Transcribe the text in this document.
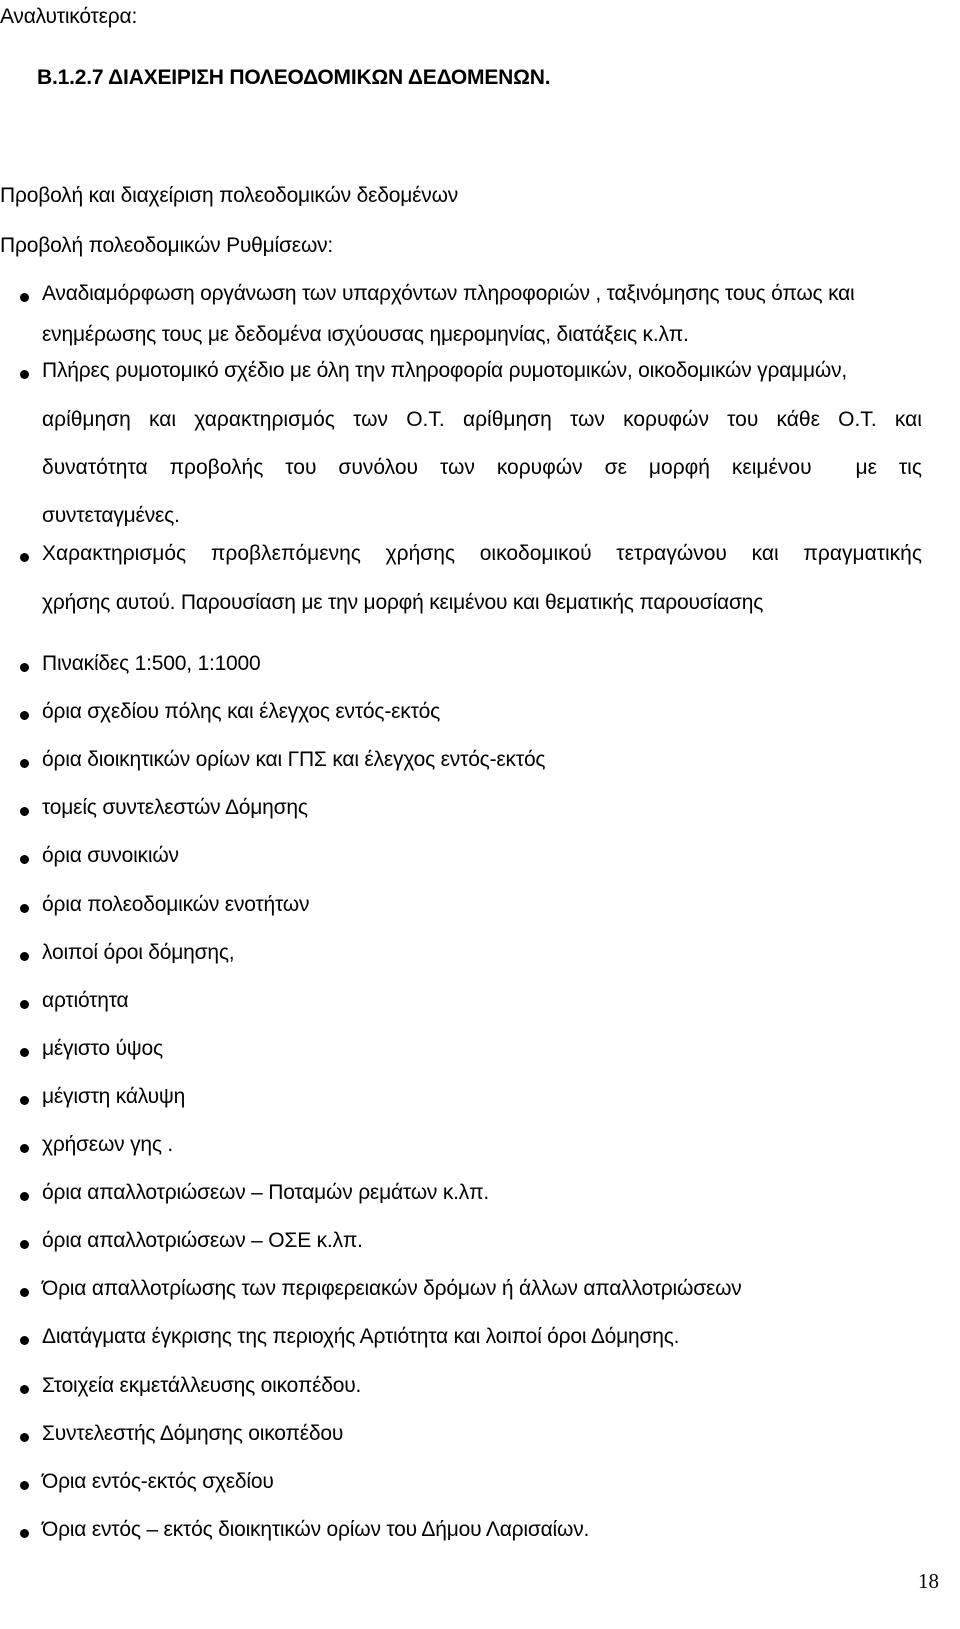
Αναλυτικότερα:
Β.1.2.7 ΔΙΑΧΕΙΡΙΣΗ ΠΟΛΕΟΔΟΜΙΚΩΝ ΔΕΔΟΜΕΝΩΝ.
Προβολή και διαχείριση πολεοδομικών δεδομένων
Προβολή πολεοδομικών Ρυθμίσεων:
Αναδιαμόρφωση οργάνωση των υπαρχόντων πληροφοριών , ταξινόμησης τους όπως και
ενημέρωσης τους με δεδομένα ισχύουσας ημερομηνίας, διατάξεις κ.λπ.
Πλήρες ρυμοτομικό σχέδιο με όλη την πληροφορία ρυμοτομικών, οικοδομικών γραμμών,
αρίθμηση και χαρακτηρισμός των Ο.Τ. αρίθμηση των κορυφών του κάθε Ο.Τ. και
δυνατότητα προβολής του συνόλου των κορυφών σε μορφή κειμένου με τις
συντεταγμένες.
Χαρακτηρισμός προβλεπόμενης χρήσης οικοδομικού τετραγώνου και πραγματικής
χρήσης αυτού. Παρουσίαση με την μορφή κειμένου και θεματικής παρουσίασης
Πινακίδες 1:500, 1:1000
όρια σχεδίου πόλης και έλεγχος εντός-εκτός
όρια διοικητικών ορίων και ΓΠΣ και έλεγχος εντός-εκτός
τομείς συντελεστών Δόμησης
όρια συνοικιών
όρια πολεοδομικών ενοτήτων
λοιποί όροι δόμησης,
αρτιότητα
μέγιστο ύψος
μέγιστη κάλυψη
χρήσεων γης .
όρια απαλλοτριώσεων – Ποταμών ρεμάτων κ.λπ.
όρια απαλλοτριώσεων – ΟΣΕ κ.λπ.
Όρια απαλλοτρίωσης των περιφερειακών δρόμων ή άλλων απαλλοτριώσεων
Διατάγματα έγκρισης της περιοχής Αρτιότητα και λοιποί όροι Δόμησης.
Στοιχεία εκμετάλλευσης οικοπέδου.
Συντελεστής Δόμησης οικοπέδου
Όρια εντός-εκτός σχεδίου
Όρια εντός – εκτός διοικητικών ορίων του Δήμου Λαρισαίων.
18
